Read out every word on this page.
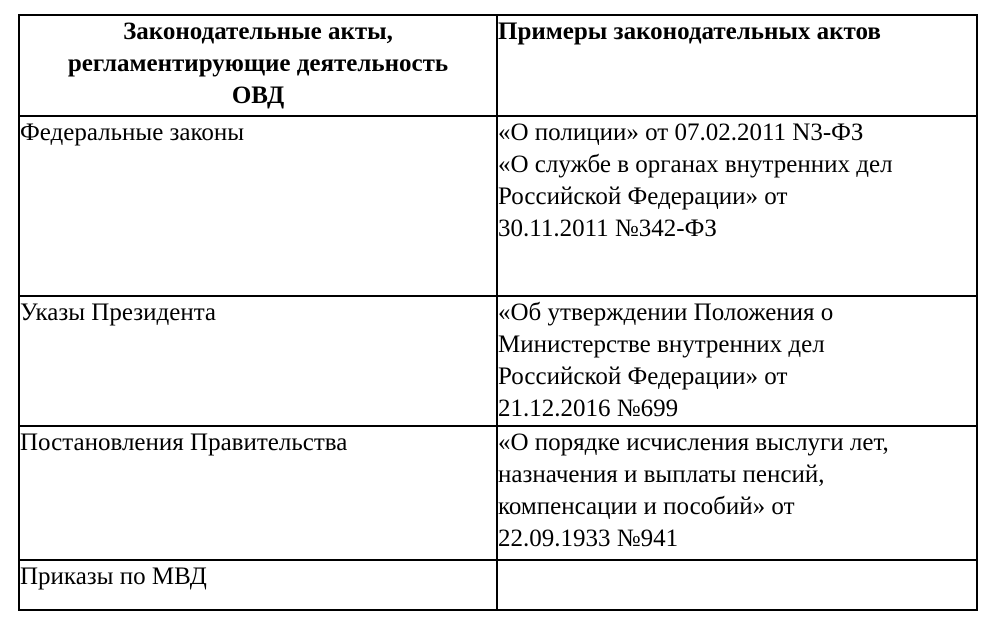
Законодательные акты,
регламентирующие деятельность
ОВД	Примеры законодательных актов

Федеральные законы	«О полиции» от 07.02.2011 N3-ФЗ
«О службе в органах внутренних дел
Российской Федерации» от
30.11.2011 №342-ФЗ

Указы Президента	«Об утверждении Положения о
Министерстве внутренних дел
Российской Федерации» от
21.12.2016 №699

Постановления Правительства	«О порядке исчисления выслуги лет,
назначения и выплаты пенсий,
компенсации и пособий» от
22.09.1933 №941

Приказы по МВД	
